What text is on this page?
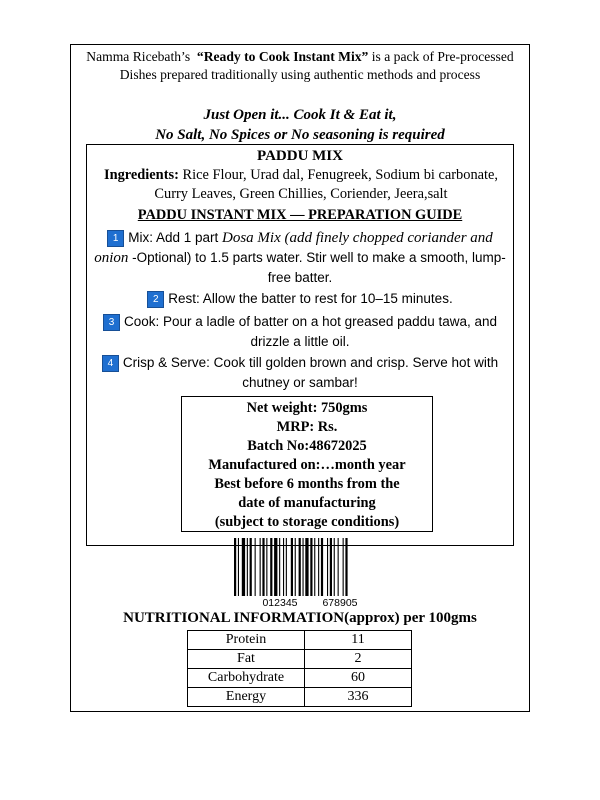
Namma Ricebath’s “Ready to Cook Instant Mix” is a pack of Pre-processed Dishes prepared traditionally using authentic methods and process
Just Open it... Cook It & Eat it,
No Salt, No Spices or No seasoning is required
PADDU MIX
Ingredients: Rice Flour, Urad dal, Fenugreek, Sodium bi carbonate, Curry Leaves, Green Chillies, Coriender, Jeera,salt
PADDU INSTANT MIX — PREPARATION GUIDE
1 Mix: Add 1 part Dosa Mix (add finely chopped coriander and onion -Optional) to 1.5 parts water. Stir well to make a smooth, lump-free batter.
2 Rest: Allow the batter to rest for 10–15 minutes.
3 Cook: Pour a ladle of batter on a hot greased paddu tawa, and drizzle a little oil.
4 Crisp & Serve: Cook till golden brown and crisp. Serve hot with chutney or sambar!
Net weight: 750gms
MRP: Rs.
Batch No:48672025
Manufactured on:…month year
Best before 6 months from the
date of manufacturing
(subject to storage conditions)
012345 678905
NUTRITIONAL INFORMATION(approx) per 100gms
Protein	11
Fat	2
Carbohydrate	60
Energy	336
